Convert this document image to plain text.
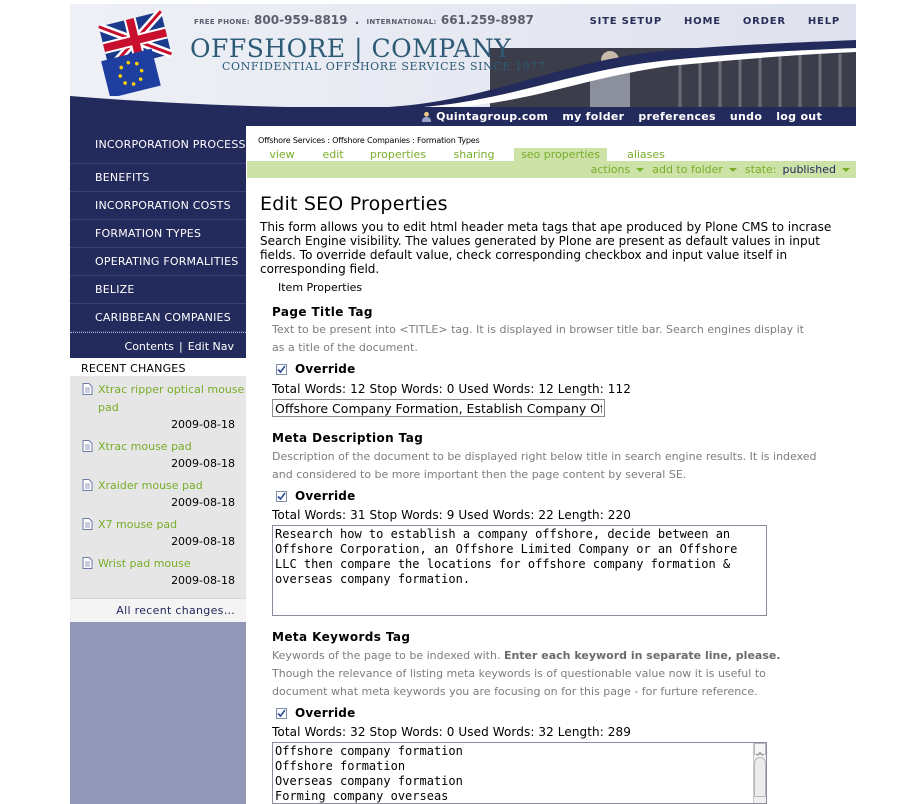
FREE PHONE: 800-959-8819 . INTERNATIONAL: 661.259-8987
OFFSHORE | COMPANY
CONFIDENTIAL OFFSHORE SERVICES SINCE 1977
SITE SETUP HOME ORDER HELP
Quintagroup.com my folder preferences undo log out
INCORPORATION PROCESS
BENEFITS
INCORPORATION COSTS
FORMATION TYPES
OPERATING FORMALITIES
BELIZE
CARIBBEAN COMPANIES
Contents | Edit Nav
RECENT CHANGES
Xtrac ripper optical mouse pad
2009-08-18
Xtrac mouse pad
2009-08-18
Xraider mouse pad
2009-08-18
X7 mouse pad
2009-08-18
Wrist pad mouse
2009-08-18
All recent changes…
Offshore Services : Offshore Companies : Formation Types
view	edit	properties	sharing	seo properties	aliases
actions add to folder state: published
Edit SEO Properties

This form allows you to edit html header meta tags that ape produced by Plone CMS to incrase Search Engine visibility. The values generated by Plone are present as default values in input fields. To override default value, check corresponding checkbox and input value itself in corresponding field.

Item Properties
Page Title Tag
Text to be present into <TITLE> tag. It is displayed in browser title bar. Search engines display it as a title of the document.
Override
Total Words: 12 Stop Words: 0 Used Words: 12 Length: 112
Offshore Company Formation, Establish Company Offshore
Meta Description Tag
Description of the document to be displayed right below title in search engine results. It is indexed and considered to be more important then the page content by several SE.
Override
Total Words: 31 Stop Words: 9 Used Words: 22 Length: 220
Research how to establish a company offshore, decide between an Offshore Corporation, an Offshore Limited Company or an Offshore LLC then compare the locations for offshore company formation & overseas company formation.
Meta Keywords Tag
Keywords of the page to be indexed with. Enter each keyword in separate line, please. Though the relevance of listing meta keywords is of questionable value now it is useful to document what meta keywords you are focusing on for this page - for furture reference.
Override
Total Words: 32 Stop Words: 0 Used Words: 32 Length: 289
Offshore company formation Offshore formation Overseas company formation Forming company overseas
